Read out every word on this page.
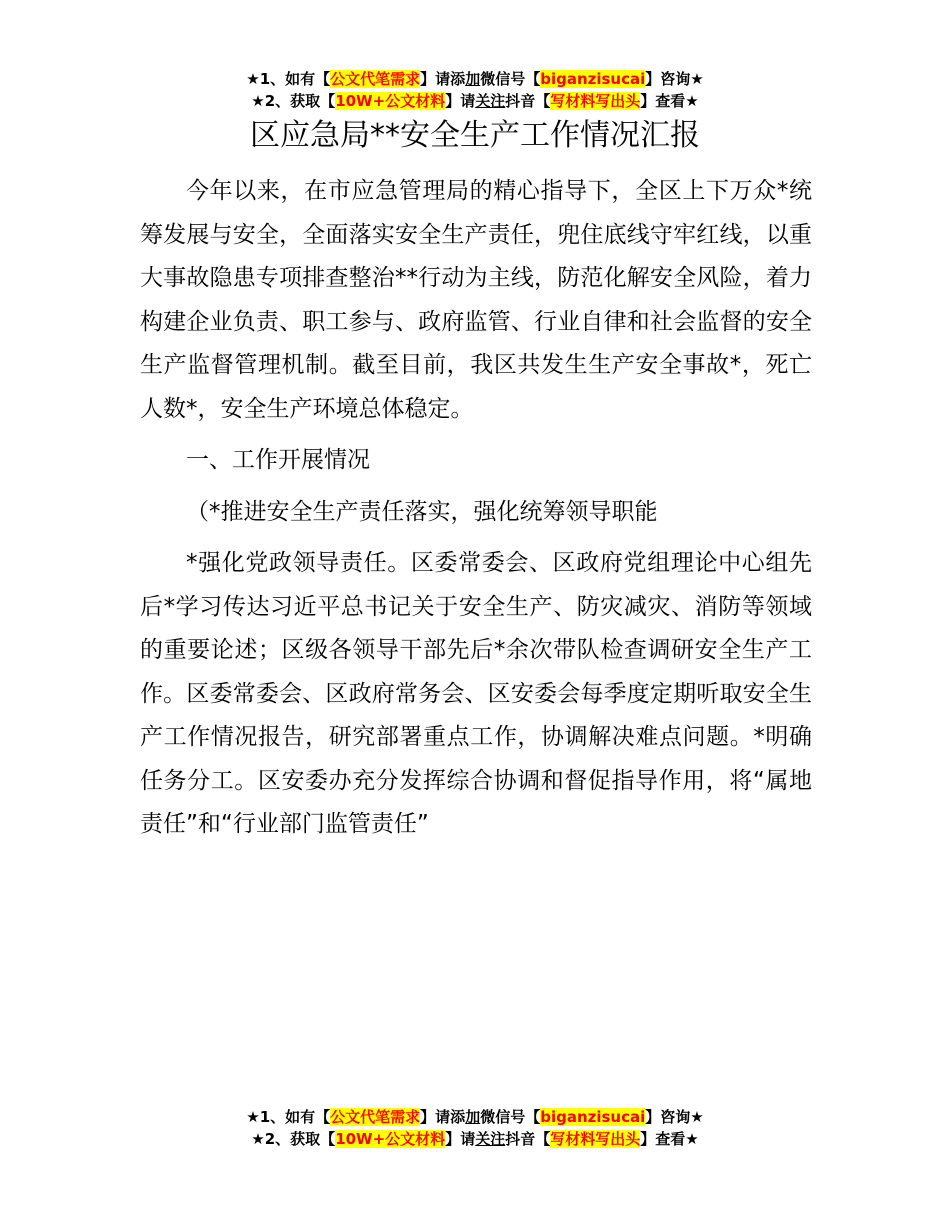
★1、如有【公文代笔需求】请添加微信号【biganzisucai】咨询★
★2、获取【10W+公文材料】请关注抖音【写材料写出头】查看★
区应急局**安全生产工作情况汇报

今年以来，在市应急管理局的精心指导下，全区上下万众*统筹发展与安全，全面落实安全生产责任，兜住底线守牢红线，以重大事故隐患专项排查整治**行动为主线，防范化解安全风险，着力构建企业负责、职工参与、政府监管、行业自律和社会监督的安全生产监督管理机制。截至目前，我区共发生生产安全事故*，死亡人数*，安全生产环境总体稳定。

一、工作开展情况

（*推进安全生产责任落实，强化统筹领导职能

*强化党政领导责任。区委常委会、区政府党组理论中心组先后*学习传达习近平总书记关于安全生产、防灾减灾、消防等领域的重要论述；区级各领导干部先后*余次带队检查调研安全生产工作。区委常委会、区政府常务会、区安委会每季度定期听取安全生产工作情况报告，研究部署重点工作，协调解决难点问题。*明确任务分工。区安委办充分发挥综合协调和督促指导作用，将“属地责任”和“行业部门监管责任”

★1、如有【公文代笔需求】请添加微信号【biganzisucai】咨询★
★2、获取【10W+公文材料】请关注抖音【写材料写出头】查看★
